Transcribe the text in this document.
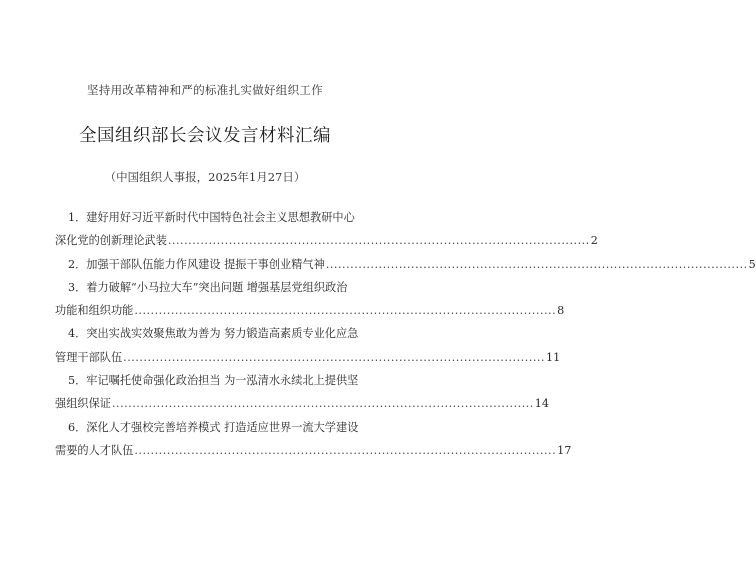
坚持用改革精神和严的标准扎实做好组织工作
全国组织部长会议发言材料汇编
（中国组织人事报，2025年1月27日）
1．建好用好习近平新时代中国特色社会主义思想教研中心
深化党的创新理论武装 ........................................................................................................ 2
2．加强干部队伍能力作风建设 提振干事创业精气神 ........................................................................................................ 5
3．着力破解“小马拉大车”突出问题 增强基层党组织政治
功能和组织功能 ........................................................................................................ 8
4．突出实战实效聚焦敢为善为 努力锻造高素质专业化应急
管理干部队伍 ........................................................................................................ 11
5．牢记嘱托使命强化政治担当 为一泓清水永续北上提供坚
强组织保证 ........................................................................................................ 14
6．深化人才强校完善培养模式 打造适应世界一流大学建设
需要的人才队伍 ........................................................................................................ 17
